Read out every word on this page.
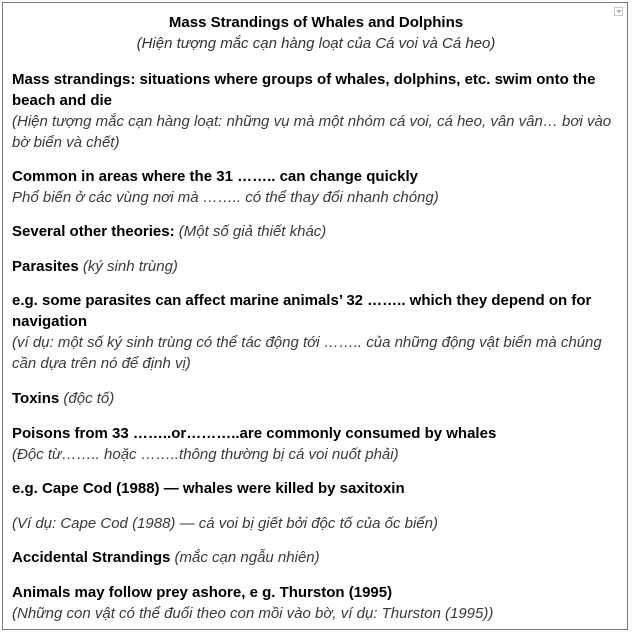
Mass Strandings of Whales and Dolphins
(Hiện tượng mắc cạn hàng loạt của Cá voi và Cá heo)
Mass strandings: situations where groups of whales, dolphins, etc. swim onto the beach and die
(Hiện tượng mắc cạn hàng loạt: những vụ mà một nhóm cá voi, cá heo, vân vân… bơi vào bờ biển và chết)
Common in areas where the 31 …….. can change quickly
Phổ biến ở các vùng nơi mà …….. có thể thay đổi nhanh chóng)
Several other theories: (Một số giả thiết khác)
Parasites (ký sinh trùng)
e.g. some parasites can affect marine animals’ 32 …….. which they depend on for navigation
(ví dụ: một số ký sinh trùng có thể tác động tới …….. của những động vật biển mà chúng cần dựa trên nó để định vị)
Toxins (độc tố)
Poisons from 33 ……..or………..are commonly consumed by whales
(Độc từ…….. hoặc ……..thông thường bị cá voi nuốt phải)
e.g. Cape Cod (1988) — whales were killed by saxitoxin
(Ví dụ: Cape Cod (1988) — cá voi bị giết bởi độc tố của ốc biển)
Accidental Strandings (mắc cạn ngẫu nhiên)
Animals may follow prey ashore, e g. Thurston (1995)
(Những con vật có thể đuổi theo con mồi vào bờ, ví dụ: Thurston (1995))
